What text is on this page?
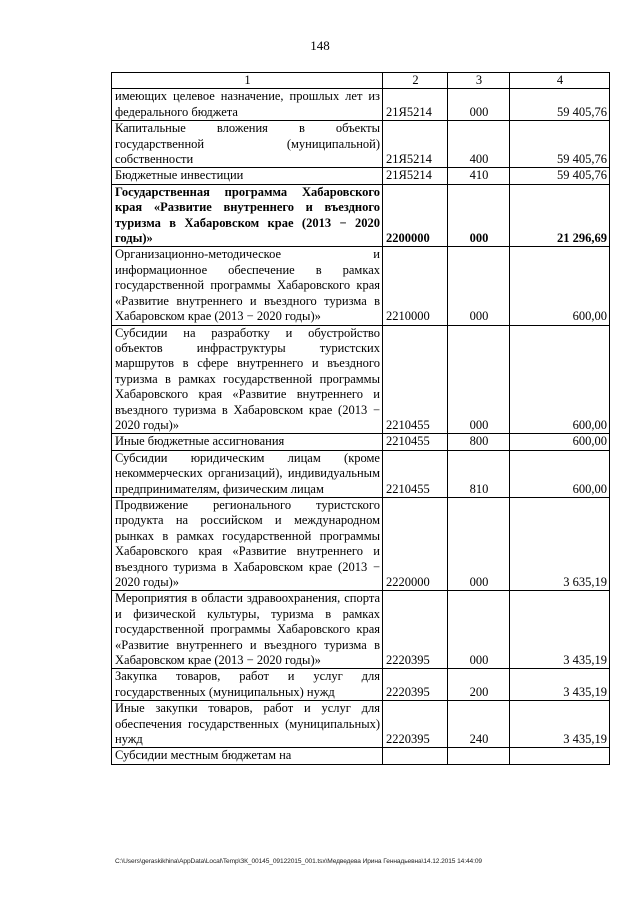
148
1	2	3	4
имеющих целевое назначение, прошлых лет из федерального бюджета	21Я5214	000	59 405,76
Капитальные вложения в объекты государственной (муниципальной) собственности	21Я5214	400	59 405,76
Бюджетные инвестиции	21Я5214	410	59 405,76
Государственная программа Хабаровского края «Развитие внутреннего и въездного туризма в Хабаровском крае (2013 − 2020 годы)»	2200000	000	21 296,69
Организационно-методическое и информационное обеспечение в рамках государственной программы Хабаровского края «Развитие внутреннего и въездного туризма в Хабаровском крае (2013 − 2020 годы)»	2210000	000	600,00
Субсидии на разработку и обустройство объектов инфраструктуры туристских маршрутов в сфере внутреннего и въездного туризма в рамках государственной программы Хабаровского края «Развитие внутреннего и въездного туризма в Хабаровском крае (2013 − 2020 годы)»	2210455	000	600,00
Иные бюджетные ассигнования	2210455	800	600,00
Субсидии юридическим лицам (кроме некоммерческих организаций), индивидуальным предпринимателям, физическим лицам	2210455	810	600,00
Продвижение регионального туристского продукта на российском и международном рынках в рамках государственной программы Хабаровского края «Развитие внутреннего и въездного туризма в Хабаровском крае (2013 − 2020 годы)»	2220000	000	3 635,19
Мероприятия в области здравоохранения, спорта и физической культуры, туризма в рамках государственной программы Хабаровского края «Развитие внутреннего и въездного туризма в Хабаровском крае (2013 − 2020 годы)»	2220395	000	3 435,19
Закупка товаров, работ и услуг для государственных (муниципальных) нужд	2220395	200	3 435,19
Иные закупки товаров, работ и услуг для обеспечения государственных (муниципальных) нужд	2220395	240	3 435,19
Субсидии местным бюджетам на			
C:\Users\geraskikhina\AppData\Local\Temp\ЗК_00145_09122015_001.tsx\Медведева Ирина Геннадьевна\14.12.2015 14:44:09
